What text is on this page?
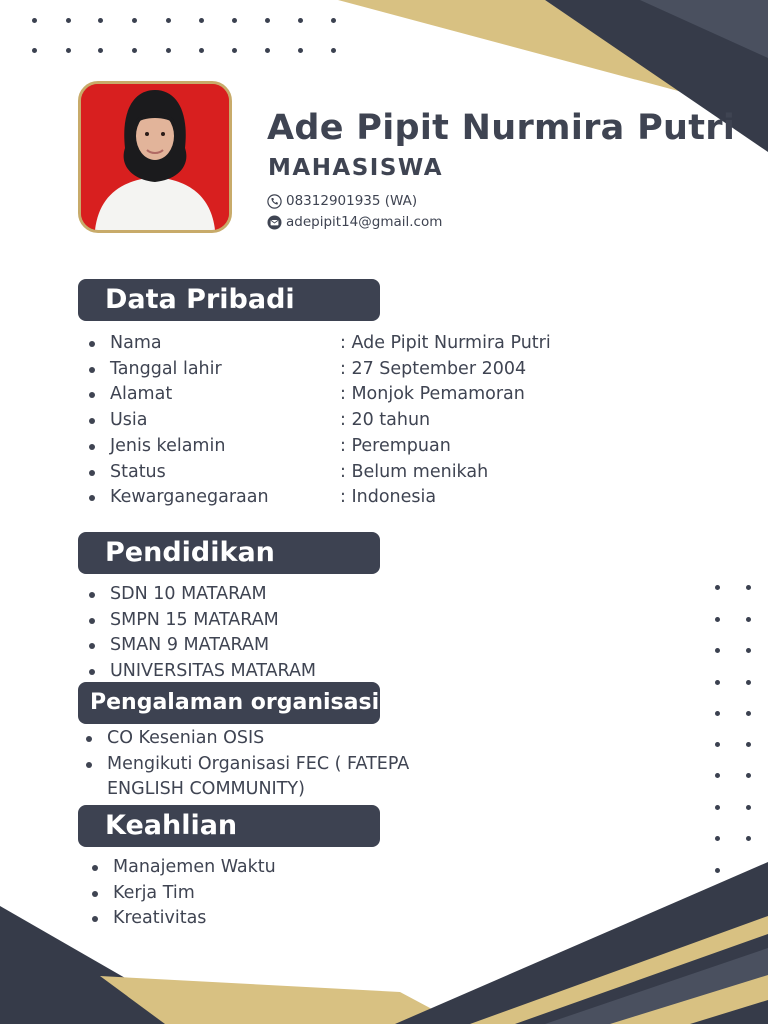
Ade Pipit Nurmira Putri
MAHASISWA
08312901935 (WA)
adepipit14@gmail.com
Data Pribadi
Nama	: Ade Pipit Nurmira Putri
Tanggal lahir	: 27 September 2004
Alamat	: Monjok Pemamoran
Usia	: 20 tahun
Jenis kelamin	: Perempuan
Status	: Belum menikah
Kewarganegaraan	: Indonesia
Pendidikan
SDN 10 MATARAM
SMPN 15 MATARAM
SMAN 9 MATARAM
UNIVERSITAS MATARAM
Pengalaman organisasi
CO Kesenian OSIS
Mengikuti Organisasi FEC ( FATEPA
ENGLISH COMMUNITY)
Keahlian
Manajemen Waktu
Kerja Tim
Kreativitas
